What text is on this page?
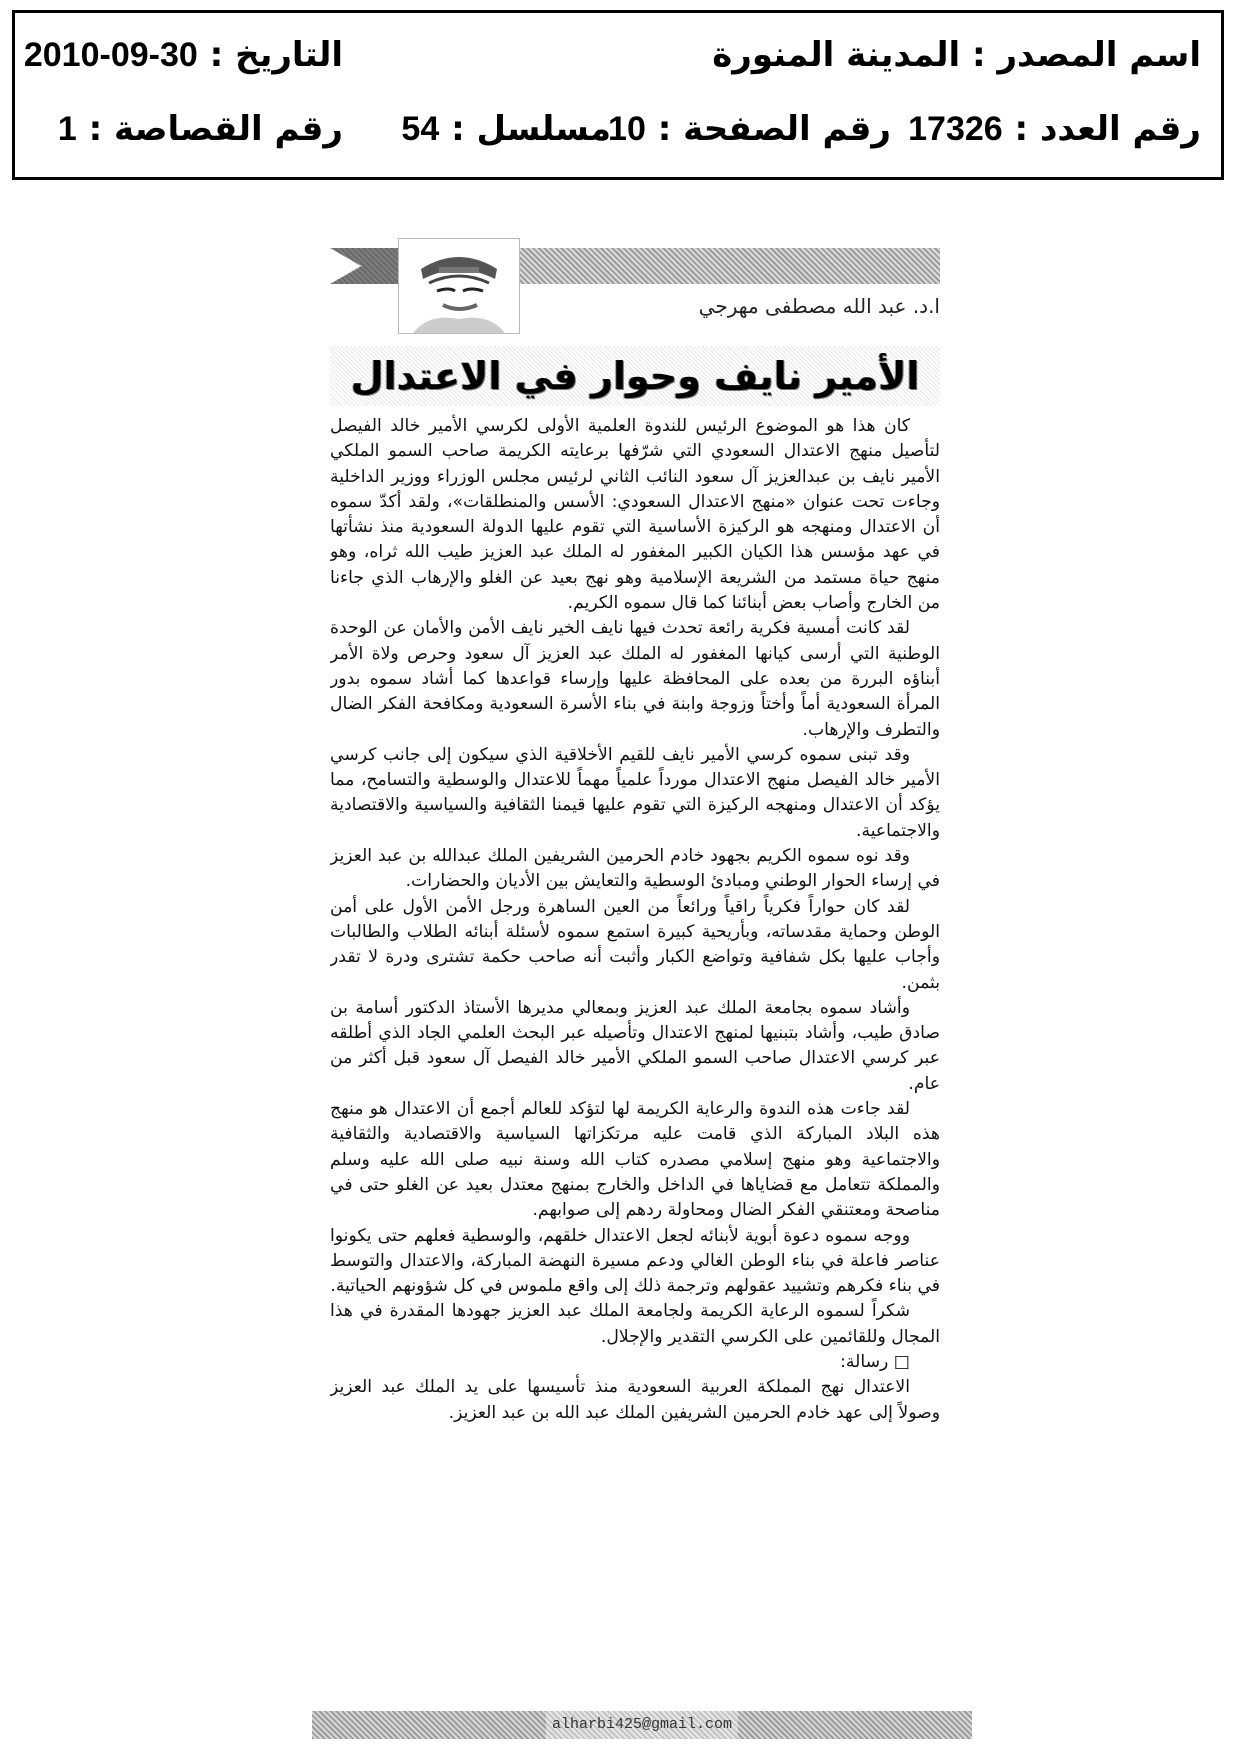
اسم المصدر : المدينة المنورة
التاريخ : 30-09-2010
رقم العدد : 17326
رقم الصفحة : 10
مسلسل : 54
رقم القصاصة : 1
ا.د. عبد الله مصطفى مهرجي
الأمير نايف وحوار في الاعتدال

كان هذا هو الموضوع الرئيس للندوة العلمية الأولى لكرسي الأمير خالد الفيصل لتأصيل منهج الاعتدال السعودي التي شرّفها برعايته الكريمة صاحب السمو الملكي الأمير نايف بن عبدالعزيز آل سعود النائب الثاني لرئيس مجلس الوزراء ووزير الداخلية وجاءت تحت عنوان «منهج الاعتدال السعودي: الأسس والمنطلقات»، ولقد أكدّ سموه أن الاعتدال ومنهجه هو الركيزة الأساسية التي تقوم عليها الدولة السعودية منذ نشأتها في عهد مؤسس هذا الكيان الكبير المغفور له الملك عبد العزيز طيب الله ثراه، وهو منهج حياة مستمد من الشريعة الإسلامية وهو نهج بعيد عن الغلو والإرهاب الذي جاءنا من الخارج وأصاب بعض أبنائنا كما قال سموه الكريم.

لقد كانت أمسية فكرية رائعة تحدث فيها نايف الخير نايف الأمن والأمان عن الوحدة الوطنية التي أرسى كيانها المغفور له الملك عبد العزيز آل سعود وحرص ولاة الأمر أبناؤه البررة من بعده على المحافظة عليها وإرساء قواعدها كما أشاد سموه بدور المرأة السعودية أماً وأختاً وزوجة وابنة في بناء الأسرة السعودية ومكافحة الفكر الضال والتطرف والإرهاب.

وقد تبنى سموه كرسي الأمير نايف للقيم الأخلاقية الذي سيكون إلى جانب كرسي الأمير خالد الفيصل منهج الاعتدال مورداً علمياً مهماً للاعتدال والوسطية والتسامح، مما يؤكد أن الاعتدال ومنهجه الركيزة التي تقوم عليها قيمنا الثقافية والسياسية والاقتصادية والاجتماعية.

وقد نوه سموه الكريم بجهود خادم الحرمين الشريفين الملك عبدالله بن عبد العزيز في إرساء الحوار الوطني ومبادئ الوسطية والتعايش بين الأديان والحضارات.

لقد كان حواراً فكرياً راقياً ورائعاً من العين الساهرة ورجل الأمن الأول على أمن الوطن وحماية مقدساته، وبأريحية كبيرة استمع سموه لأسئلة أبنائه الطلاب والطالبات وأجاب عليها بكل شفافية وتواضع الكبار وأثبت أنه صاحب حكمة تشترى ودرة لا تقدر بثمن.

وأشاد سموه بجامعة الملك عبد العزيز وبمعالي مديرها الأستاذ الدكتور أسامة بن صادق طيب، وأشاد بتبنيها لمنهج الاعتدال وتأصيله عبر البحث العلمي الجاد الذي أطلقه عبر كرسي الاعتدال صاحب السمو الملكي الأمير خالد الفيصل آل سعود قبل أكثر من عام.

لقد جاءت هذه الندوة والرعاية الكريمة لها لتؤكد للعالم أجمع أن الاعتدال هو منهج هذه البلاد المباركة الذي قامت عليه مرتكزاتها السياسية والاقتصادية والثقافية والاجتماعية وهو منهج إسلامي مصدره كتاب الله وسنة نبيه صلى الله عليه وسلم والمملكة تتعامل مع قضاياها في الداخل والخارج بمنهج معتدل بعيد عن الغلو حتى في مناصحة ومعتنقي الفكر الضال ومحاولة ردهم إلى صوابهم.

ووجه سموه دعوة أبوية لأبنائه لجعل الاعتدال خلقهم، والوسطية فعلهم حتى يكونوا عناصر فاعلة في بناء الوطن الغالي ودعم مسيرة النهضة المباركة، والاعتدال والتوسط في بناء فكرهم وتشييد عقولهم وترجمة ذلك إلى واقع ملموس في كل شؤونهم الحياتية.

شكراً لسموه الرعاية الكريمة ولجامعة الملك عبد العزيز جهودها المقدرة في هذا المجال وللقائمين على الكرسي التقدير والإجلال.

□ رسالة:

الاعتدال نهج المملكة العربية السعودية منذ تأسيسها على يد الملك عبد العزيز وصولاً إلى عهد خادم الحرمين الشريفين الملك عبد الله بن عبد العزيز.

alharbi425@gmail.com
